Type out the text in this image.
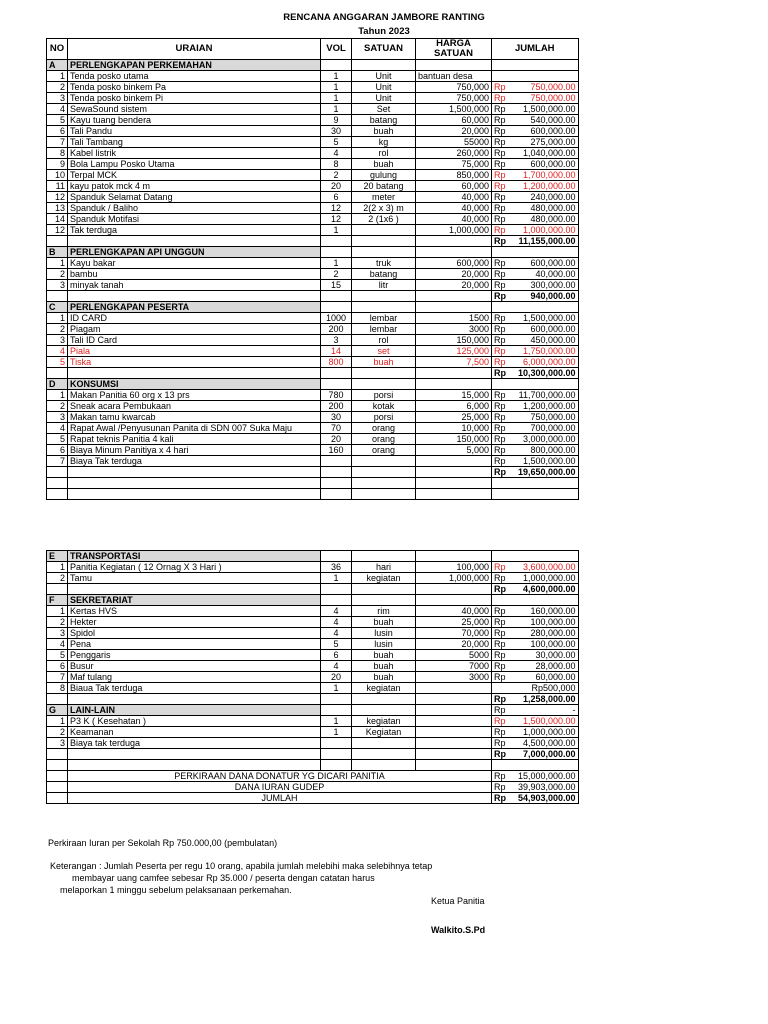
RENCANA ANGGARAN JAMBORE RANTING
Tahun 2023
NO	URAIAN	VOL	SATUAN	HARGA SATUAN	JUMLAH	
A	PERLENGKAPAN PERKEMAHAN					
1	Tenda posko utama	1	Unit	bantuan desa		
2	Tenda posko binkem Pa	1	Unit	750,000	Rp	750,000.00
3	Tenda posko binkem Pi	1	Unit	750,000	Rp	750,000.00
4	SewaSound sistem	1	Set	1,500,000	Rp	1,500,000.00
5	Kayu tuang bendera	9	batang	60,000	Rp	540,000.00
6	Tali Pandu	30	buah	20,000	Rp	600,000.00
7	Tali Tambang	5	kg	55000	Rp	275,000.00
8	Kabel listrik	4	rol	260,000	Rp	1,040,000.00
9	Bola Lampu Posko Utama	8	buah	75,000	Rp	600,000.00
10	Terpal MCK	2	gulung	850,000	Rp	1,700,000.00
11	kayu patok mck 4 m	20	20 batang	60,000	Rp	1,200,000.00
12	Spanduk Selamat Datang	6	meter	40,000	Rp	240,000.00
13	Spanduk / Baliho	12	2(2 x 3) m	40,000	Rp	480,000.00
14	Spanduk Motifasi	12	2 (1x6 )	40,000	Rp	480,000.00
12	Tak terduga	1		1,000,000	Rp	1,000,000.00
					Rp	11,155,000.00
B	PERLENGKAPAN API UNGGUN					
1	Kayu bakar	1	truk	600,000	Rp	600,000.00
2	bambu	2	batang	20,000	Rp	40,000.00
3	minyak tanah	15	litr	20,000	Rp	300,000.00
					Rp	940,000.00
C	PERLENGKAPAN PESERTA					
1	ID CARD	1000	lembar	1500	Rp	1,500,000.00
2	Piagam	200	lembar	3000	Rp	600,000.00
3	Tali ID Card	3	rol	150,000	Rp	450,000.00
4	Piala	14	set	125,000	Rp	1,750,000.00
5	Tiska	800	buah	7,500	Rp	6,000,000.00
					Rp	10,300,000.00
D	KONSUMSI					
1	Makan Panitia 60 org x 13 prs	780	porsi	15,000	Rp	11,700,000.00
2	Sneak acara Pembukaan	200	kotak	6,000	Rp	1,200,000.00
3	Makan tamu kwarcab	30	porsi	25,000	Rp	750,000.00
4	Rapat Awal /Penyusunan Panita di SDN 007 Suka Maju	70	orang	10,000	Rp	700,000.00
5	Rapat teknis Panitia 4 kali	20	orang	150,000	Rp	3,000,000.00
6	Biaya Minum Panitiya x 4 hari	160	orang	5,000	Rp	800,000.00
7	Biaya Tak terduga				Rp	1,500,000.00
					Rp	19,650,000.00

E	TRANSPORTASI					
1	Panitia Kegiatan ( 12 Ornag X 3 Hari )	36	hari	100,000	Rp	3,600,000.00
2	Tamu	1	kegiatan	1,000,000	Rp	1,000,000.00
					Rp	4,600,000.00
F	SEKRETARIAT					
1	Kertas HVS	4	rim	40,000	Rp	160,000.00
2	Hekter	4	buah	25,000	Rp	100,000.00
3	Spidol	4	lusin	70,000	Rp	280,000.00
4	Pena	5	lusin	20,000	Rp	100,000.00
5	Penggaris	6	buah	5000	Rp	30,000.00
6	Busur	4	buah	7000	Rp	28,000.00
7	Maf tulang	20	buah	3000	Rp	60,000.00
8	Biaua Tak terduga	1	kegiatan			Rp500,000
					Rp	1,258,000.00
G	LAIN-LAIN				Rp	-
1	P3 K ( Kesehatan )	1	kegiatan		Rp	1,500,000.00
2	Keamanan	1	Kegiatan		Rp	1,000,000.00
3	Biaya tak terduga				Rp	4,500,000.00
					Rp	7,000,000.00

	PERKIRAAN DANA DONATUR YG DICARI PANITIA				Rp	15,000,000.00
	DANA IURAN GUDEP				Rp	39,903,000.00
	JUMLAH				Rp	54,903,000.00
Perkiraan Iuran per Sekolah Rp 750.000,00 (pembulatan)
Keterangan : Jumlah Peserta per regu 10 orang, apabila jumlah melebihi maka selebihnya tetap
membayar uang camfee sebesar Rp 35.000 / peserta dengan catatan harus
melaporkan 1 minggu sebelum pelaksanaan perkemahan.
Ketua Panitia
Walkito.S.Pd
